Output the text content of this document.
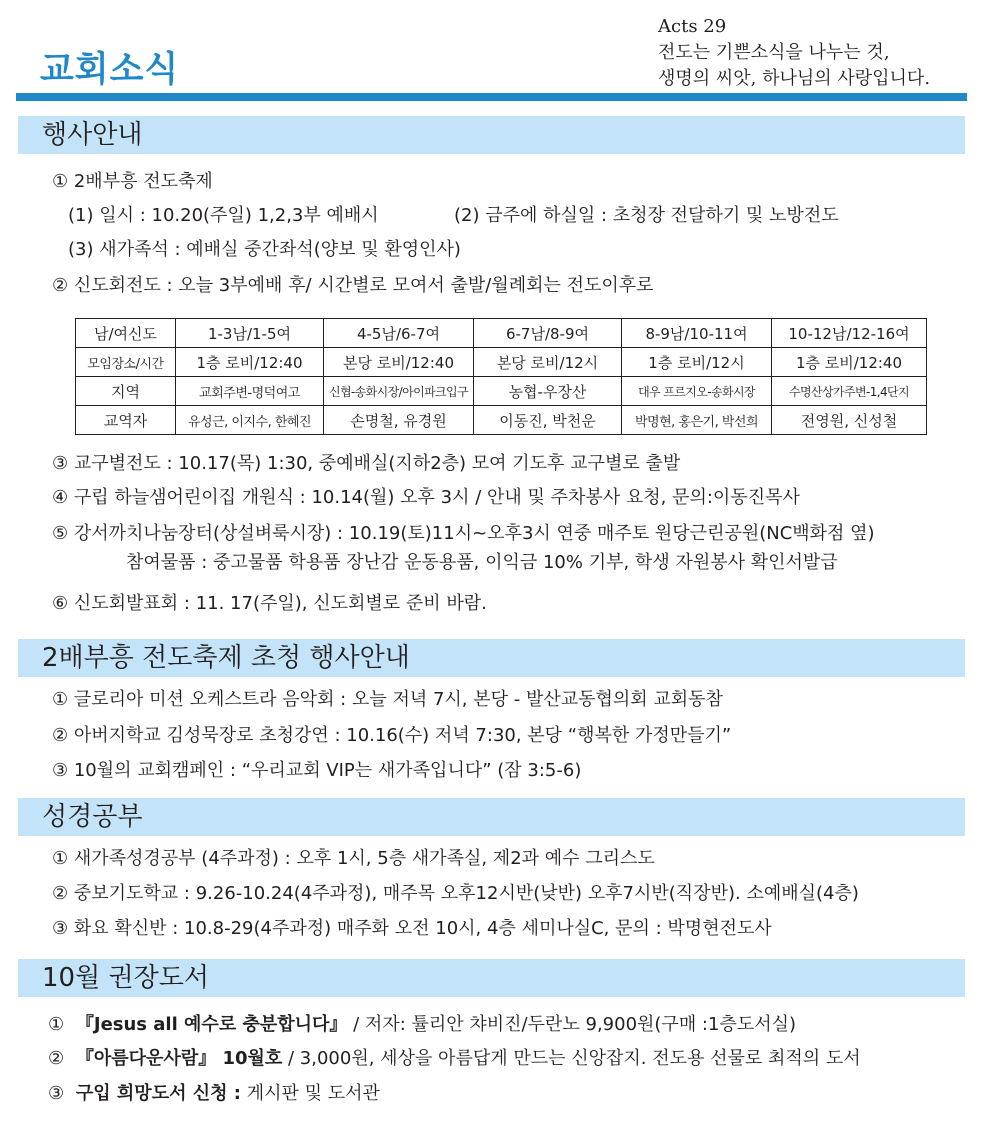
교회소식
Acts 29
전도는 기쁜소식을 나누는 것,
생명의 씨앗, 하나님의 사랑입니다.
행사안내
① 2배부흥 전도축제
(1) 일시 : 10.20(주일) 1,2,3부 예배시	(2) 금주에 하실일 : 초청장 전달하기 및 노방전도
(3) 새가족석 : 예배실 중간좌석(양보 및 환영인사)
② 신도회전도 : 오늘 3부예배 후/ 시간별로 모여서 출발/월례회는 전도이후로
남/여신도	1-3남/1-5여	4-5남/6-7여	6-7남/8-9여	8-9남/10-11여	10-12남/12-16여
모임장소/시간	1층 로비/12:40	본당 로비/12:40	본당 로비/12시	1층 로비/12시	1층 로비/12:40
지역	교회주변-명덕여고	신협-송화시장/아이파크입구	농협-우장산	대우 프르지오-송화시장	수명산상가주변-1,4단지
교역자	유성근, 이지수, 한혜진	손명철, 유경원	이동진, 박천운	박명현, 홍은기, 박선희	전영원, 신성철
③ 교구별전도 : 10.17(목) 1:30, 중예배실(지하2층) 모여 기도후 교구별로 출발
④ 구립 하늘샘어린이집 개원식 : 10.14(월) 오후 3시 / 안내 및 주차봉사 요청, 문의:이동진목사
⑤ 강서까치나눔장터(상설벼룩시장) : 10.19(토)11시~오후3시 연중 매주토 원당근린공원(NC백화점 옆)
참여물품 : 중고물품 학용품 장난감 운동용품, 이익금 10% 기부, 학생 자원봉사 확인서발급
⑥ 신도회발표회 : 11. 17(주일), 신도회별로 준비 바람.
2배부흥 전도축제 초청 행사안내
① 글로리아 미션 오케스트라 음악회 : 오늘 저녁 7시, 본당 - 발산교동협의회 교회동참
② 아버지학교 김성묵장로 초청강연 : 10.16(수) 저녁 7:30, 본당 “행복한 가정만들기”
③ 10월의 교회캠페인 : “우리교회 VIP는 새가족입니다” (잠 3:5-6)
성경공부
① 새가족성경공부 (4주과정) : 오후 1시, 5층 새가족실, 제2과 예수 그리스도
② 중보기도학교 : 9.26-10.24(4주과정), 매주목 오후12시반(낮반) 오후7시반(직장반). 소예배실(4층)
③ 화요 확신반 : 10.8-29(4주과정) 매주화 오전 10시, 4층 세미나실C, 문의 : 박명현전도사
10월 권장도서
① 『Jesus all 예수로 충분합니다』 / 저자: 튤리안 챠비진/두란노 9,900원(구매 :1층도서실)
② 『아름다운사람』 10월호 / 3,000원, 세상을 아름답게 만드는 신앙잡지. 전도용 선물로 최적의 도서
③ 구입 희망도서 신청 : 게시판 및 도서관
